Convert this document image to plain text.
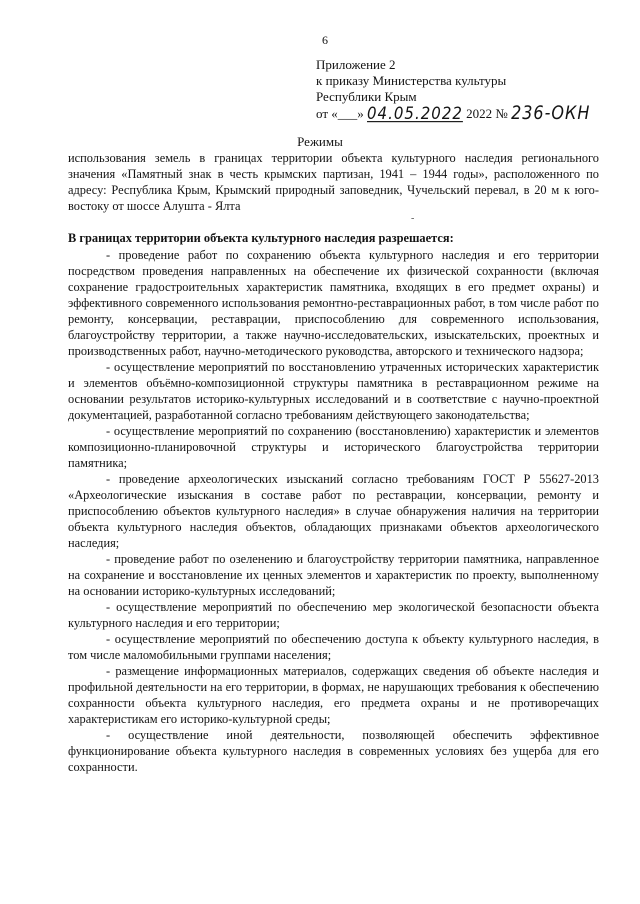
6
Приложение 2
к приказу Министерства культуры
Республики Крым
от «___» 04.05.2022 2022 № 236-ОКН
Режимы
-

использования земель в границах территории объекта культурного наследия регионального значения «Памятный знак в честь крымских партизан, 1941 – 1944 годы», расположенного по адресу: Республика Крым, Крымский природный заповедник, Чучельский перевал, в 20 м к юго-востоку от шоссе Алушта - Ялта

В границах территории объекта культурного наследия разрешается:

- проведение работ по сохранению объекта культурного наследия и его территории посредством проведения направленных на обеспечение их физической сохранности (включая сохранение градостроительных характеристик памятника, входящих в его предмет охраны) и эффективного современного использования ремонтно-реставрационных работ, в том числе работ по ремонту, консервации, реставрации, приспособлению для современного использования, благоустройству территории, а также научно-исследовательских, изыскательских, проектных и производственных работ, научно-методического руководства, авторского и технического надзора;

- осуществление мероприятий по восстановлению утраченных исторических характеристик и элементов объёмно-композиционной структуры памятника в реставрационном режиме на основании результатов историко-культурных исследований и в соответствие с научно-проектной документацией, разработанной согласно требованиям действующего законодательства;

- осуществление мероприятий по сохранению (восстановлению) характеристик и элементов композиционно-планировочной структуры и исторического благоустройства территории памятника;

- проведение археологических изысканий согласно требованиям ГОСТ Р 55627-2013 «Археологические изыскания в составе работ по реставрации, консервации, ремонту и приспособлению объектов культурного наследия» в случае обнаружения наличия на территории объекта культурного наследия объектов, обладающих признаками объектов археологического наследия;

- проведение работ по озеленению и благоустройству территории памятника, направленное на сохранение и восстановление их ценных элементов и характеристик по проекту, выполненному на основании историко-культурных исследований;

- осуществление мероприятий по обеспечению мер экологической безопасности объекта культурного наследия и его территории;

- осуществление мероприятий по обеспечению доступа к объекту культурного наследия, в том числе маломобильными группами населения;

- размещение информационных материалов, содержащих сведения об объекте наследия и профильной деятельности на его территории, в формах, не нарушающих требования к обеспечению сохранности объекта культурного наследия, его предмета охраны и не противоречащих характеристикам его историко-культурной среды;

- осуществление иной деятельности, позволяющей обеспечить эффективное функционирование объекта культурного наследия в современных условиях без ущерба для его сохранности.
